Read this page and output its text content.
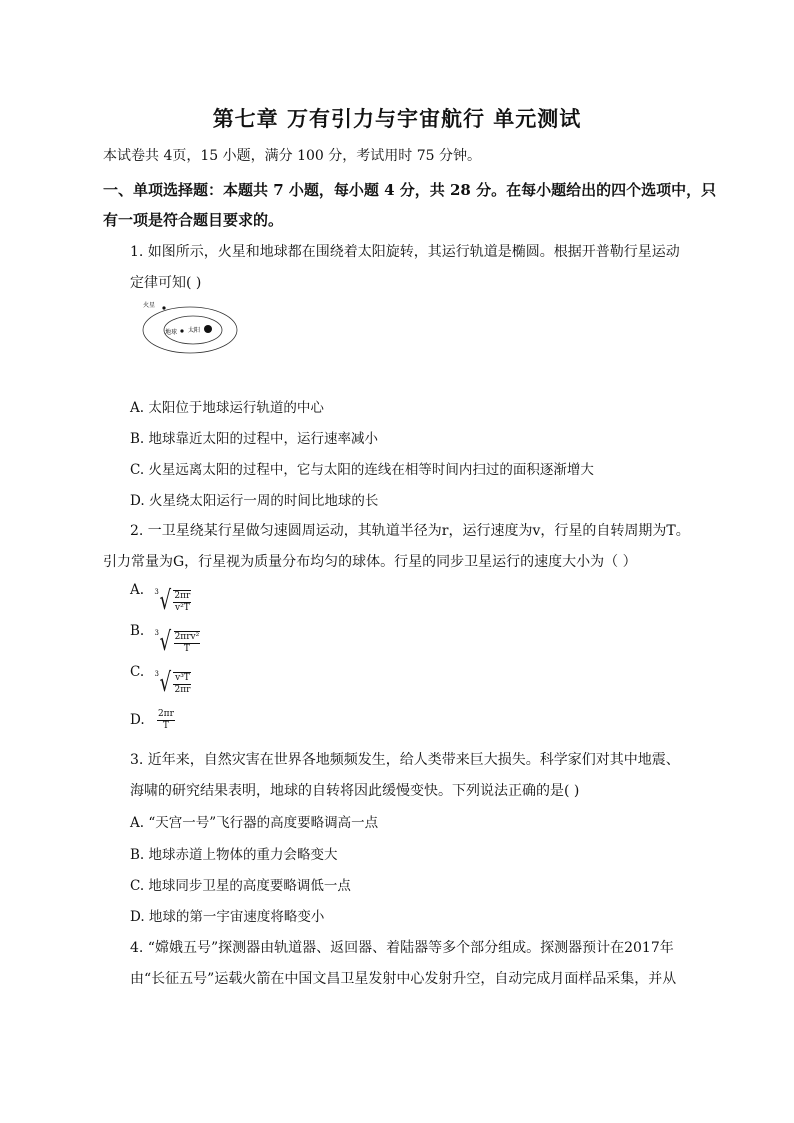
第七章 万有引力与宇宙航行 单元测试
本试卷共 4页，15 小题，满分 100 分，考试用时 75 分钟。
一、单项选择题：本题共 7 小题，每小题 4 分，共 28 分。在每小题给出的四个选项中，只
有一项是符合题目要求的。
1. 如图所示，火星和地球都在围绕着太阳旋转，其运行轨道是椭圆。根据开普勒行星运动
定律可知( )
火星
地球 太阳
A. 太阳位于地球运行轨道的中心
B. 地球靠近太阳的过程中，运行速率减小
C. 火星远离太阳的过程中，它与太阳的连线在相等时间内扫过的面积逐渐增大
D. 火星绕太阳运行一周的时间比地球的长
2. 一卫星绕某行星做匀速圆周运动，其轨道半径为r，运行速度为v，行星的自转周期为T。
引力常量为G，行星视为质量分布均匀的球体。行星的同步卫星运行的速度大小为（ ）
A. 3 √ $\frac{2\pi r}{\text{v²T}}$
B. 3 √ $\frac{\text{2πrv²}}{T}$
C. 3 √ $\frac{\text{v³T}}{2\pi r}$
D. $\frac{2\pi r}{T}$
3. 近年来，自然灾害在世界各地频频发生，给人类带来巨大损失。科学家们对其中地震、
海啸的研究结果表明，地球的自转将因此缓慢变快。下列说法正确的是( )
A. “天宫一号”飞行器的高度要略调高一点
B. 地球赤道上物体的重力会略变大
C. 地球同步卫星的高度要略调低一点
D. 地球的第一宇宙速度将略变小
4. “嫦娥五号”探测器由轨道器、返回器、着陆器等多个部分组成。探测器预计在2017年
由“长征五号”运载火箭在中国文昌卫星发射中心发射升空，自动完成月面样品采集，并从
